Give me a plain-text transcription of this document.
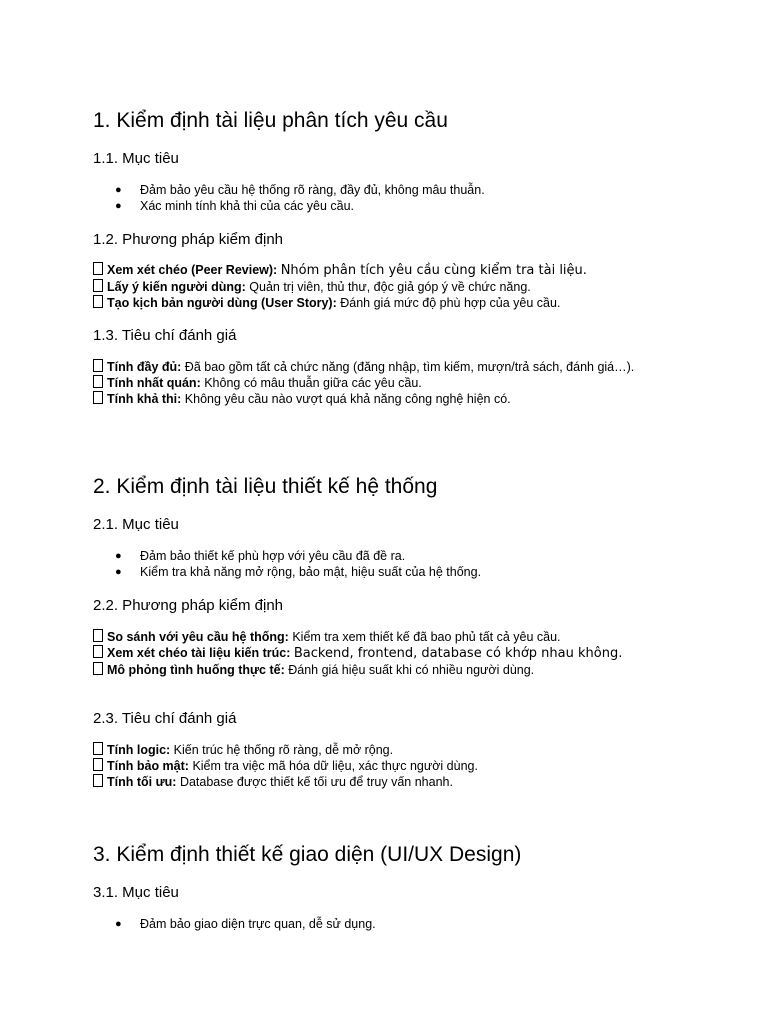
1. Kiểm định tài liệu phân tích yêu cầu
1.1. Mục tiêu
● Đảm bảo yêu cầu hệ thống rõ ràng, đầy đủ, không mâu thuẫn.
● Xác minh tính khả thi của các yêu cầu.
1.2. Phương pháp kiểm định
Xem xét chéo (Peer Review): Nhóm phân tích yêu cầu cùng kiểm tra tài liệu.
Lấy ý kiến người dùng: Quản trị viên, thủ thư, độc giả góp ý về chức năng.
Tạo kịch bản người dùng (User Story): Đánh giá mức độ phù hợp của yêu cầu.
1.3. Tiêu chí đánh giá
Tính đầy đủ: Đã bao gồm tất cả chức năng (đăng nhập, tìm kiếm, mượn/trả sách, đánh giá…).
Tính nhất quán: Không có mâu thuẫn giữa các yêu cầu.
Tính khả thi: Không yêu cầu nào vượt quá khả năng công nghệ hiện có.
2. Kiểm định tài liệu thiết kế hệ thống
2.1. Mục tiêu
● Đảm bảo thiết kế phù hợp với yêu cầu đã đề ra.
● Kiểm tra khả năng mở rộng, bảo mật, hiệu suất của hệ thống.
2.2. Phương pháp kiểm định
So sánh với yêu cầu hệ thống: Kiểm tra xem thiết kế đã bao phủ tất cả yêu cầu.
Xem xét chéo tài liệu kiến trúc: Backend, frontend, database có khớp nhau không.
Mô phỏng tình huống thực tế: Đánh giá hiệu suất khi có nhiều người dùng.
2.3. Tiêu chí đánh giá
Tính logic: Kiến trúc hệ thống rõ ràng, dễ mở rộng.
Tính bảo mật: Kiểm tra việc mã hóa dữ liệu, xác thực người dùng.
Tính tối ưu: Database được thiết kế tối ưu để truy vấn nhanh.
3. Kiểm định thiết kế giao diện (UI/UX Design)
3.1. Mục tiêu
● Đảm bảo giao diện trực quan, dễ sử dụng.
